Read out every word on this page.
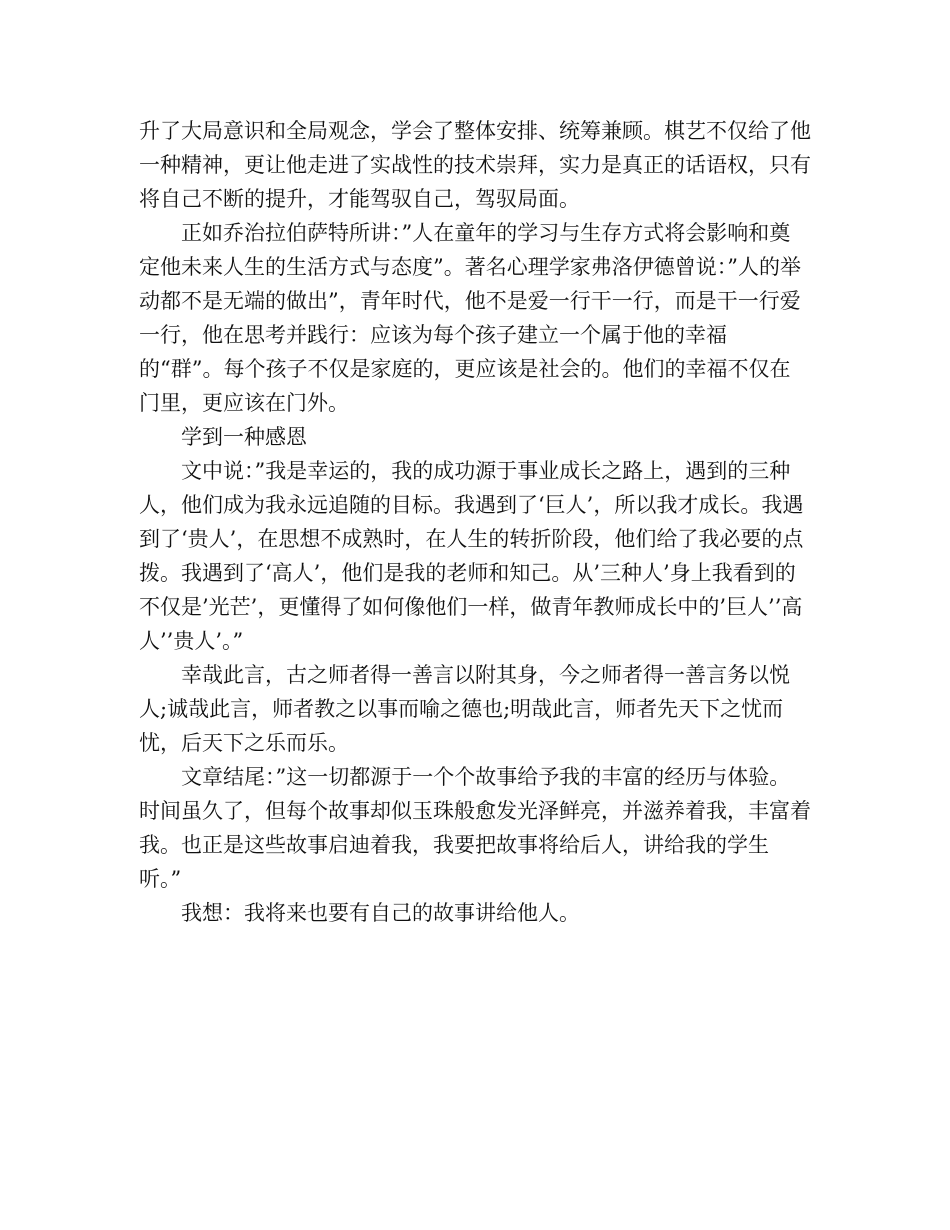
升了大局意识和全局观念，学会了整体安排、统筹兼顾。棋艺不仅给了他一种精神，更让他走进了实战性的技术崇拜，实力是真正的话语权，只有将自己不断的提升，才能驾驭自己，驾驭局面。

正如乔治拉伯萨特所讲：”人在童年的学习与生存方式将会影响和奠定他未来人生的生活方式与态度”。著名心理学家弗洛伊德曾说：”人的举动都不是无端的做出”，青年时代，他不是爱一行干一行，而是干一行爱一行，他在思考并践行：应该为每个孩子建立一个属于他的幸福的“群”。每个孩子不仅是家庭的，更应该是社会的。他们的幸福不仅在门里，更应该在门外。

学到一种感恩

文中说：”我是幸运的，我的成功源于事业成长之路上，遇到的三种人，他们成为我永远追随的目标。我遇到了‘巨人’，所以我才成长。我遇到了‘贵人’，在思想不成熟时，在人生的转折阶段，他们给了我必要的点拨。我遇到了‘高人’，他们是我的老师和知己。从’三种人’身上我看到的不仅是’光芒’，更懂得了如何像他们一样，做青年教师成长中的’巨人’’高人’’贵人’。”

幸哉此言，古之师者得一善言以附其身，今之师者得一善言务以悦人;诚哉此言，师者教之以事而喻之德也;明哉此言，师者先天下之忧而忧，后天下之乐而乐。

文章结尾：”这一切都源于一个个故事给予我的丰富的经历与体验。时间虽久了，但每个故事却似玉珠般愈发光泽鲜亮，并滋养着我，丰富着我。也正是这些故事启迪着我，我要把故事将给后人，讲给我的学生听。”

我想：我将来也要有自己的故事讲给他人。
